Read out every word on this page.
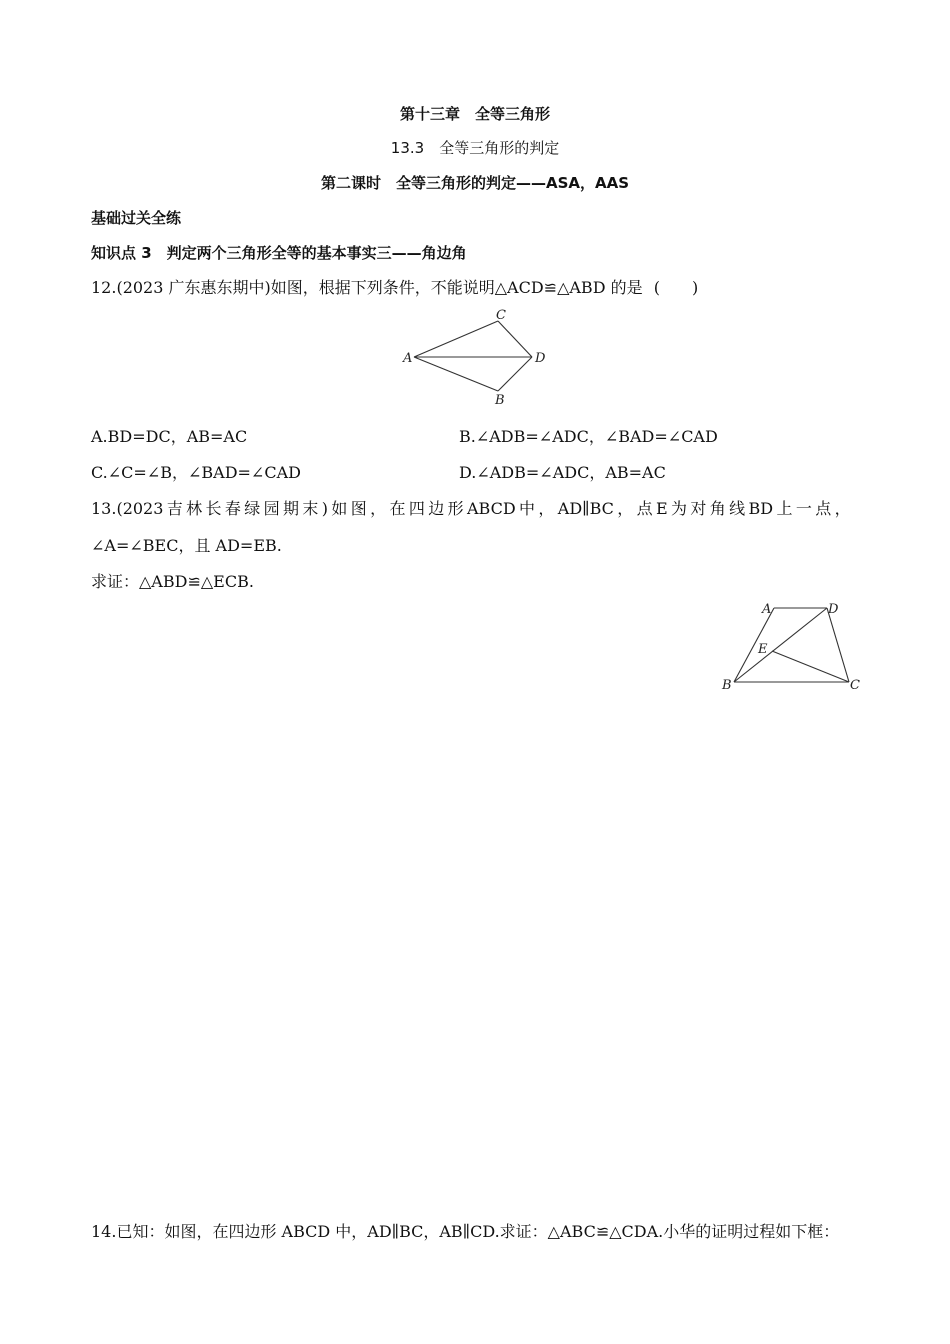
第十三章　全等三角形
13.3　全等三角形的判定
第二课时　全等三角形的判定——ASA，AAS
基础过关全练
知识点 3　判定两个三角形全等的基本事实三——角边角
12.(2023 广东惠东期中)如图，根据下列条件，不能说明△ACD≌△ABD 的是 (　　)
A
C
D
B
A.BD=DC，AB=AC	B.∠ADB=∠ADC，∠BAD=∠CAD
C.∠C=∠B，∠BAD=∠CAD	D.∠ADB=∠ADC，AB=AC
13.(2023 吉 林 长 春 绿 园 期 末 ) 如 图 ， 在 四 边 形 ABCD 中 ， AD∥BC ， 点 E 为 对 角 线 BD 上 一 点 ，
∠A=∠BEC，且 AD=EB.
求证：△ABD≌△ECB.
A	D
E
B	C
14.已知：如图，在四边形 ABCD 中，AD∥BC，AB∥CD.求证：△ABC≌△CDA.小华的证明过程如下框：
